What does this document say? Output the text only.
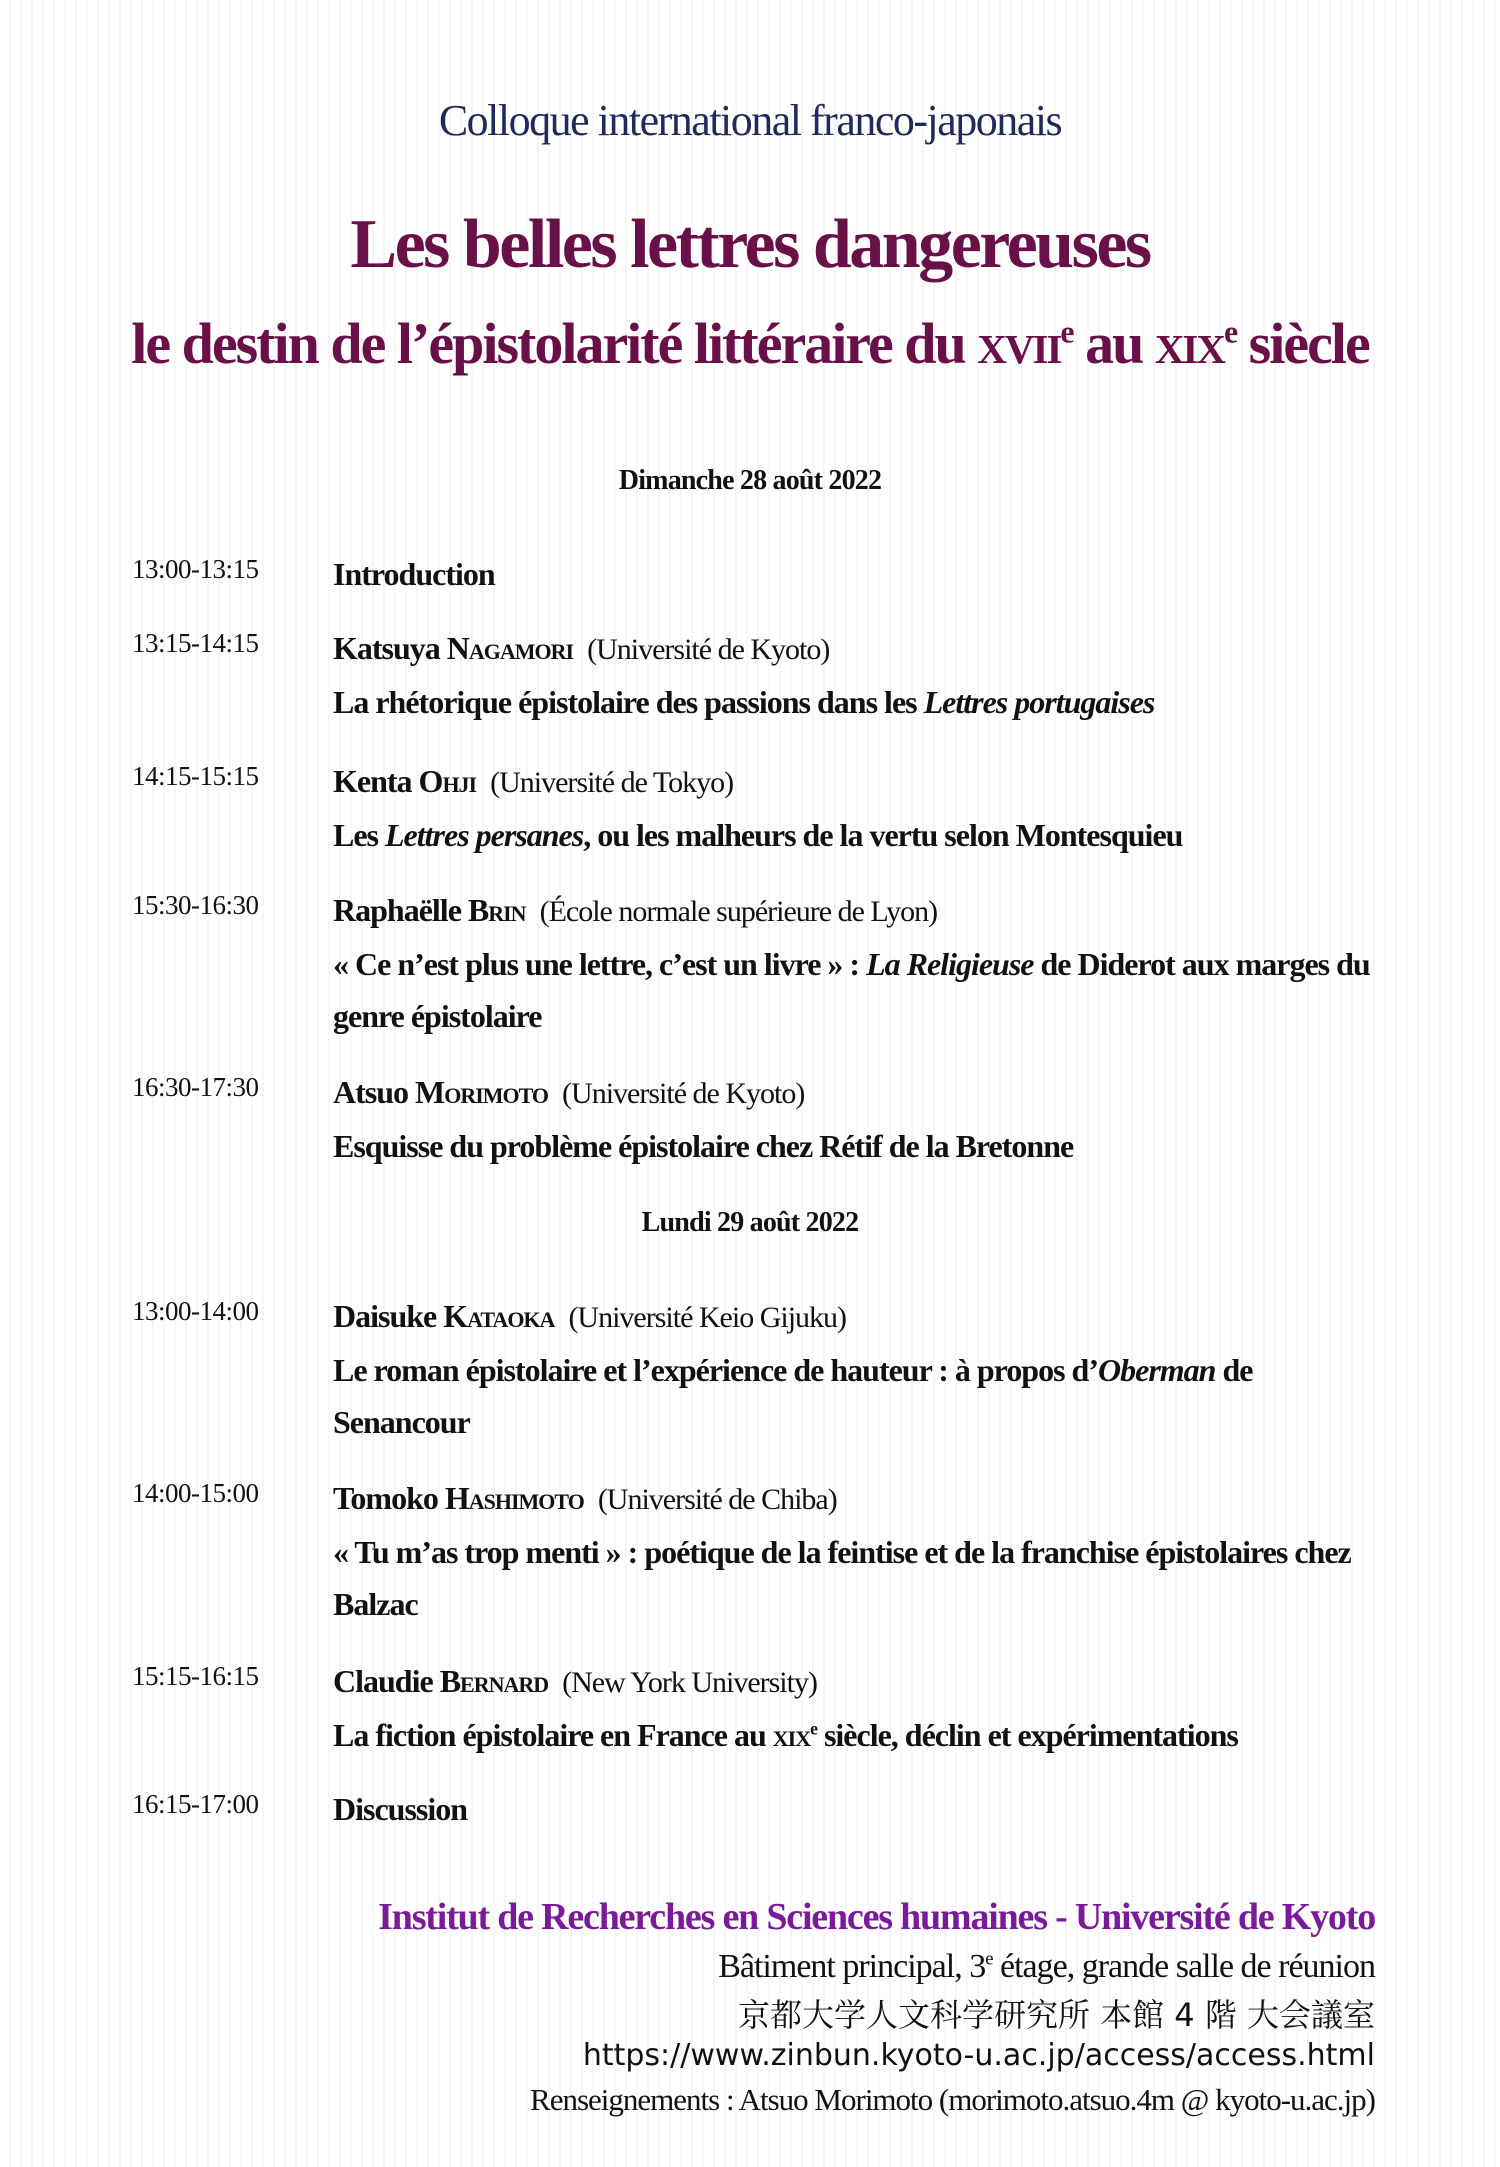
Colloque international franco-japonais
Les belles lettres dangereuses
le destin de l’épistolarité littéraire du xvii$^e$ au xix$^e$ siècle
Dimanche 28 août 2022
13:00-13:15 Introduction
13:15-14:15 Katsuya Nagamori (Université de Kyoto)
La rhétorique épistolaire des passions dans les Lettres portugaises
14:15-15:15 Kenta Ohji (Université de Tokyo)
Les Lettres persanes, ou les malheurs de la vertu selon Montesquieu
15:30-16:30 Raphaëlle Brin (École normale supérieure de Lyon)
« Ce n’est plus une lettre, c’est un livre » : La Religieuse de Diderot aux marges du genre épistolaire
16:30-17:30 Atsuo Morimoto (Université de Kyoto)
Esquisse du problème épistolaire chez Rétif de la Bretonne
Lundi 29 août 2022
13:00-14:00 Daisuke Kataoka (Université Keio Gijuku)
Le roman épistolaire et l’expérience de hauteur : à propos d’Oberman de Senancour
14:00-15:00 Tomoko Hashimoto (Université de Chiba)
« Tu m’as trop menti » : poétique de la feintise et de la franchise épistolaires chez Balzac
15:15-16:15 Claudie Bernard (New York University)
La fiction épistolaire en France au xix$^e$ siècle, déclin et expérimentations
16:15-17:00 Discussion
Institut de Recherches en Sciences humaines - Université de Kyoto
Bâtiment principal, 3e étage, grande salle de réunion
京都大学人文科学研究所 本館 4 階 大会議室
https://www.zinbun.kyoto-u.ac.jp/access/access.html
Renseignements : Atsuo Morimoto (morimoto.atsuo.4m @ kyoto-u.ac.jp)
